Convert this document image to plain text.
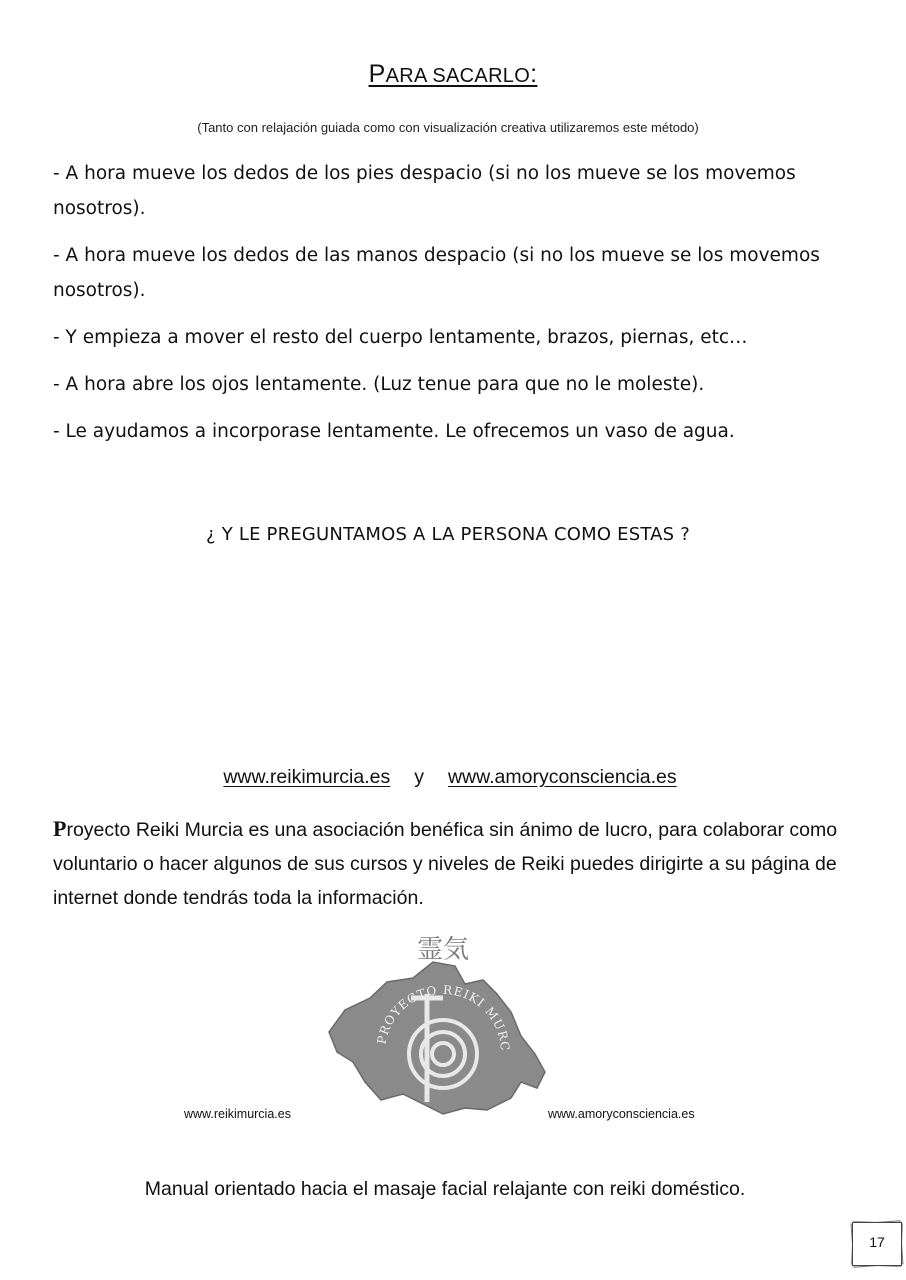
PARA SACARLO:
(Tanto con relajación guiada como con visualización creativa utilizaremos este método)

- A hora mueve los dedos de los pies despacio (si no los mueve se los movemos nosotros).

- A hora mueve los dedos de las manos despacio (si no los mueve se los movemos nosotros).

- Y empieza a mover el resto del cuerpo lentamente, brazos, piernas, etc…

- A hora abre los ojos lentamente. (Luz tenue para que no le moleste).

- Le ayudamos a incorporase lentamente. Le ofrecemos un vaso de agua.

¿ Y LE PREGUNTAMOS A LA PERSONA COMO ESTAS ?
www.reikimurcia.es y www.amoryconsciencia.es
Proyecto Reiki Murcia es una asociación benéfica sin ánimo de lucro, para colaborar como voluntario o hacer algunos de sus cursos y niveles de Reiki puedes dirigirte a su página de internet donde tendrás toda la información.
霊気
PROYECTO REIKI MURC
www.reikimurcia.es	www.amoryconsciencia.es
Manual orientado hacia el masaje facial relajante con reiki doméstico.
17
